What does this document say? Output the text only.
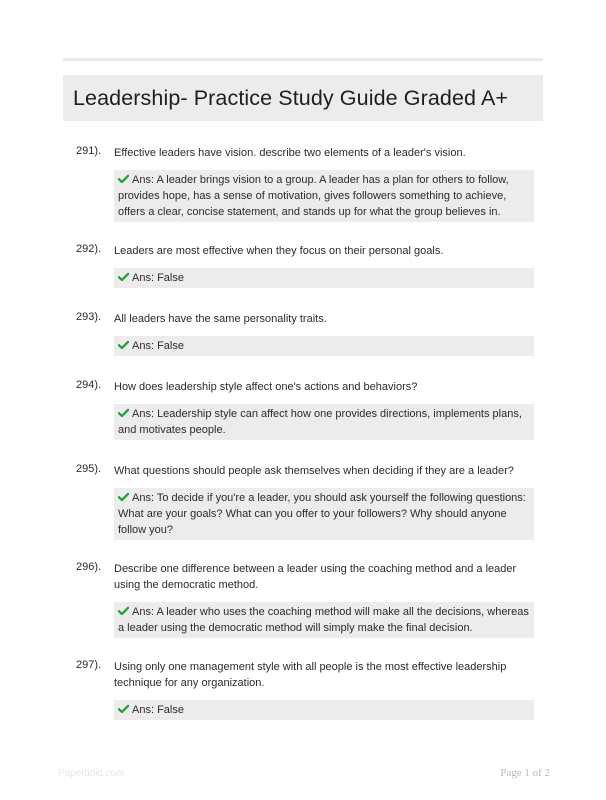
Leadership- Practice Study Guide Graded A+
291). Effective leaders have vision. describe two elements of a leader's vision.
Ans: A leader brings vision to a group. A leader has a plan for others to follow, provides hope, has a sense of motivation, gives followers something to achieve, offers a clear, concise statement, and stands up for what the group believes in.
292). Leaders are most effective when they focus on their personal goals.
Ans: False
293). All leaders have the same personality traits.
Ans: False
294). How does leadership style affect one's actions and behaviors?
Ans: Leadership style can affect how one provides directions, implements plans, and motivates people.
295). What questions should people ask themselves when deciding if they are a leader?
Ans: To decide if you're a leader, you should ask yourself the following questions: What are your goals? What can you offer to your followers? Why should anyone follow you?
296). Describe one difference between a leader using the coaching method and a leader using the democratic method.
Ans: A leader who uses the coaching method will make all the decisions, whereas a leader using the democratic method will simply make the final decision.
297). Using only one management style with all people is the most effective leadership technique for any organization.
Ans: False
Papertidic.com	Page 1 of 2
